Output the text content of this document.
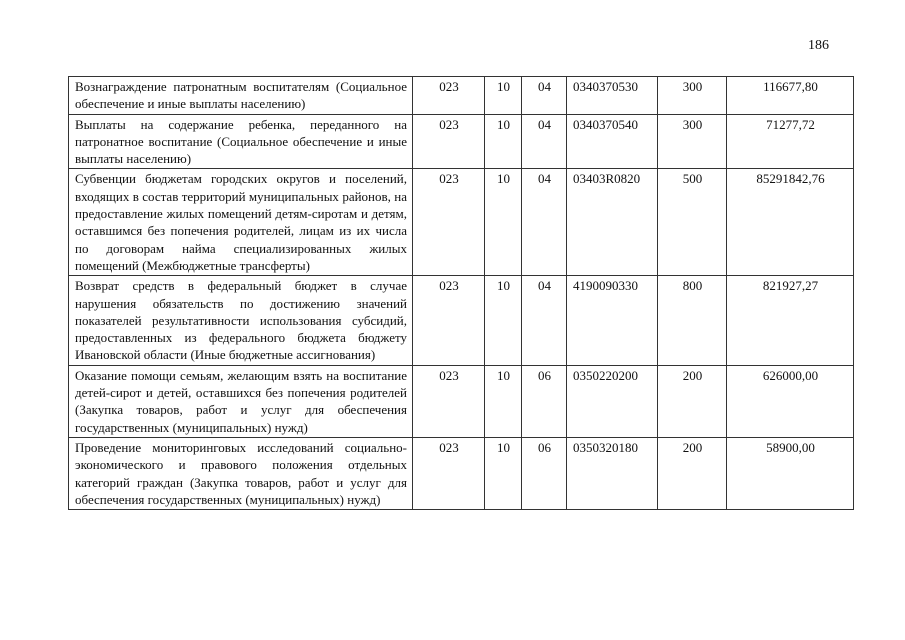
186
Вознаграждение патронатным воспитателям (Социальное обеспечение и иные выплаты населению)	023	10	04	0340370530	300	116677,80
Выплаты на содержание ребенка, переданного на патронатное воспитание (Социальное обеспечение и иные выплаты населению)	023	10	04	0340370540	300	71277,72
Субвенции бюджетам городских округов и поселений, входящих в состав территорий муниципальных районов, на предоставление жилых помещений детям-сиротам и детям, оставшимся без попечения родителей, лицам из их числа по договорам найма специализированных жилых помещений (Межбюджетные трансферты)	023	10	04	03403R0820	500	85291842,76
Возврат средств в федеральный бюджет в случае нарушения обязательств по достижению значений показателей результативности использования субсидий, предоставленных из федерального бюджета бюджету Ивановской области (Иные бюджетные ассигнования)	023	10	04	4190090330	800	821927,27
Оказание помощи семьям, желающим взять на воспитание детей-сирот и детей, оставшихся без попечения родителей (Закупка товаров, работ и услуг для обеспечения государственных (муниципальных) нужд)	023	10	06	0350220200	200	626000,00
Проведение мониторинговых исследований социально-экономического и правового положения отдельных категорий граждан (Закупка товаров, работ и услуг для обеспечения государственных (муниципальных) нужд)	023	10	06	0350320180	200	58900,00
